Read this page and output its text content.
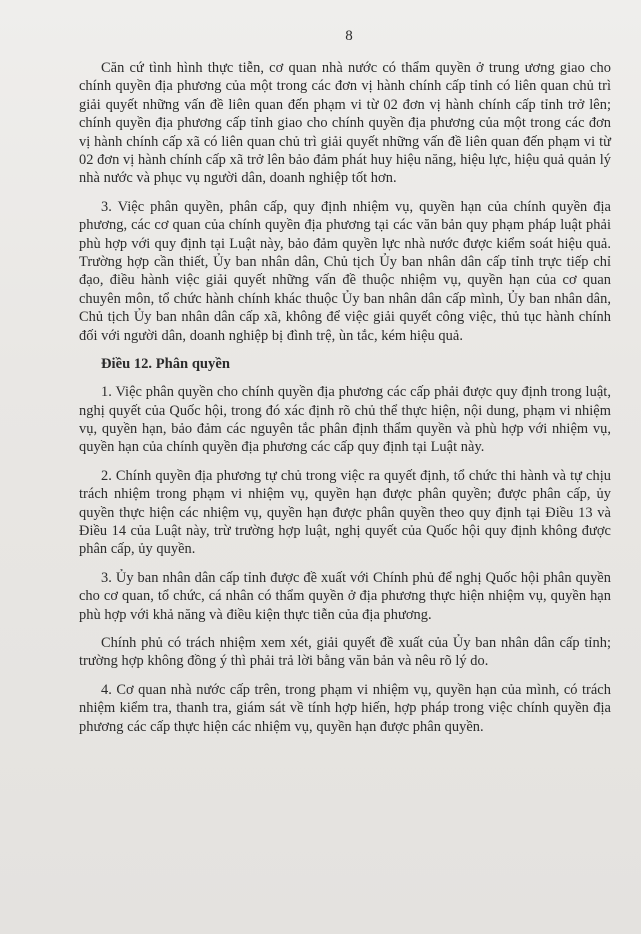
8

Căn cứ tình hình thực tiễn, cơ quan nhà nước có thẩm quyền ở trung ương giao cho chính quyền địa phương của một trong các đơn vị hành chính cấp tỉnh có liên quan chủ trì giải quyết những vấn đề liên quan đến phạm vi từ 02 đơn vị hành chính cấp tỉnh trở lên; chính quyền địa phương cấp tỉnh giao cho chính quyền địa phương của một trong các đơn vị hành chính cấp xã có liên quan chủ trì giải quyết những vấn đề liên quan đến phạm vi từ 02 đơn vị hành chính cấp xã trở lên bảo đảm phát huy hiệu năng, hiệu lực, hiệu quả quản lý nhà nước và phục vụ người dân, doanh nghiệp tốt hơn.

3. Việc phân quyền, phân cấp, quy định nhiệm vụ, quyền hạn của chính quyền địa phương, các cơ quan của chính quyền địa phương tại các văn bản quy phạm pháp luật phải phù hợp với quy định tại Luật này, bảo đảm quyền lực nhà nước được kiểm soát hiệu quả. Trường hợp cần thiết, Ủy ban nhân dân, Chủ tịch Ủy ban nhân dân cấp tỉnh trực tiếp chỉ đạo, điều hành việc giải quyết những vấn đề thuộc nhiệm vụ, quyền hạn của cơ quan chuyên môn, tổ chức hành chính khác thuộc Ủy ban nhân dân cấp mình, Ủy ban nhân dân, Chủ tịch Ủy ban nhân dân cấp xã, không để việc giải quyết công việc, thủ tục hành chính đối với người dân, doanh nghiệp bị đình trệ, ùn tắc, kém hiệu quả.

Điều 12. Phân quyền

1. Việc phân quyền cho chính quyền địa phương các cấp phải được quy định trong luật, nghị quyết của Quốc hội, trong đó xác định rõ chủ thể thực hiện, nội dung, phạm vi nhiệm vụ, quyền hạn, bảo đảm các nguyên tắc phân định thẩm quyền và phù hợp với nhiệm vụ, quyền hạn của chính quyền địa phương các cấp quy định tại Luật này.

2. Chính quyền địa phương tự chủ trong việc ra quyết định, tổ chức thi hành và tự chịu trách nhiệm trong phạm vi nhiệm vụ, quyền hạn được phân quyền; được phân cấp, ủy quyền thực hiện các nhiệm vụ, quyền hạn được phân quyền theo quy định tại Điều 13 và Điều 14 của Luật này, trừ trường hợp luật, nghị quyết của Quốc hội quy định không được phân cấp, ủy quyền.

3. Ủy ban nhân dân cấp tỉnh được đề xuất với Chính phủ để nghị Quốc hội phân quyền cho cơ quan, tổ chức, cá nhân có thẩm quyền ở địa phương thực hiện nhiệm vụ, quyền hạn phù hợp với khả năng và điều kiện thực tiễn của địa phương.

Chính phủ có trách nhiệm xem xét, giải quyết đề xuất của Ủy ban nhân dân cấp tỉnh; trường hợp không đồng ý thì phải trả lời bằng văn bản và nêu rõ lý do.

4. Cơ quan nhà nước cấp trên, trong phạm vi nhiệm vụ, quyền hạn của mình, có trách nhiệm kiểm tra, thanh tra, giám sát về tính hợp hiến, hợp pháp trong việc chính quyền địa phương các cấp thực hiện các nhiệm vụ, quyền hạn được phân quyền.
